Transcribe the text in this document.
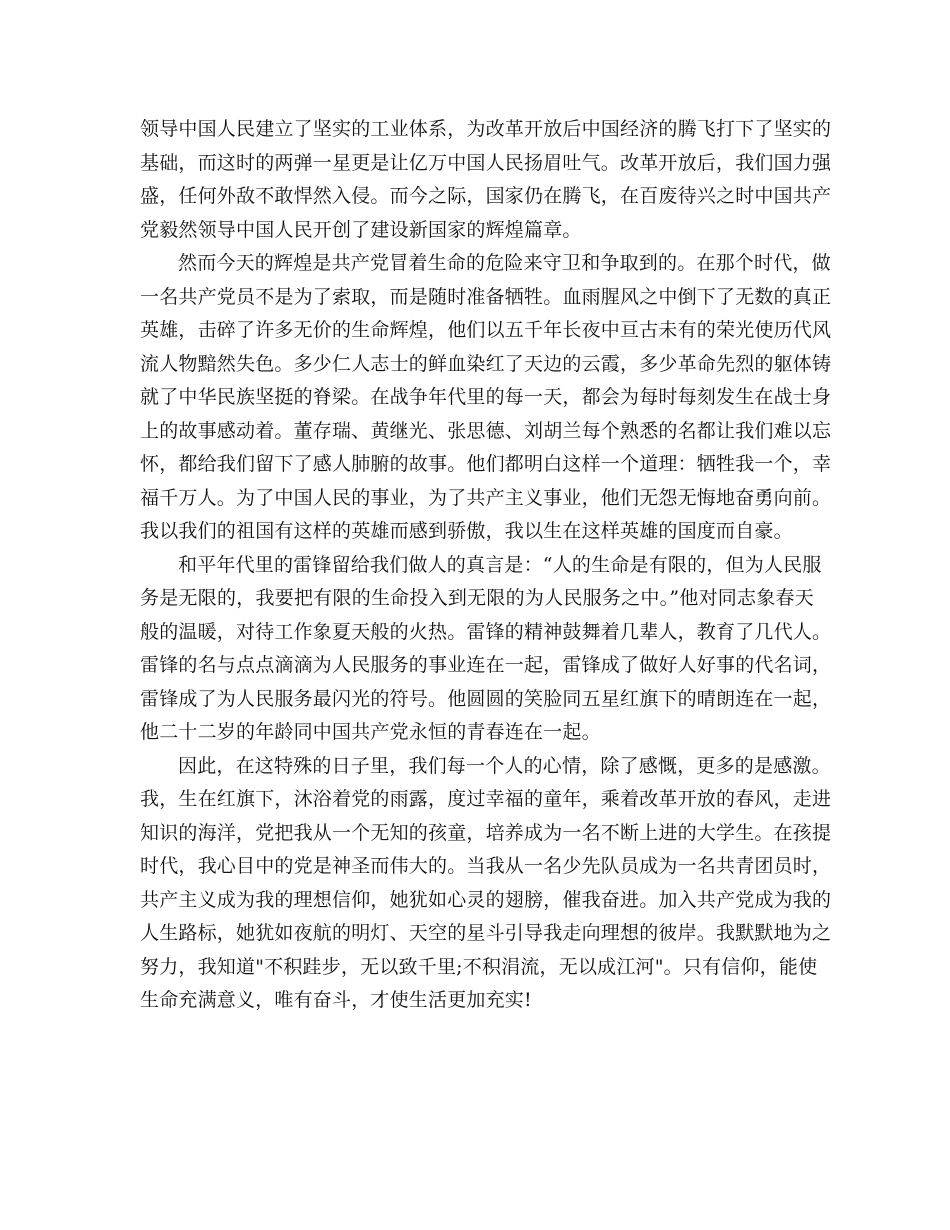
领导中国人民建立了坚实的工业体系，为改革开放后中国经济的腾飞打下了坚实的
基础，而这时的两弹一星更是让亿万中国人民扬眉吐气。改革开放后，我们国力强
盛，任何外敌不敢悍然入侵。而今之际，国家仍在腾飞，在百废待兴之时中国共产
党毅然领导中国人民开创了建设新国家的辉煌篇章。
然而今天的辉煌是共产党冒着生命的危险来守卫和争取到的。在那个时代，做
一名共产党员不是为了索取，而是随时准备牺牲。血雨腥风之中倒下了无数的真正
英雄，击碎了许多无价的生命辉煌，他们以五千年长夜中亘古未有的荣光使历代风
流人物黯然失色。多少仁人志士的鲜血染红了天边的云霞，多少革命先烈的躯体铸
就了中华民族坚挺的脊梁。在战争年代里的每一天，都会为每时每刻发生在战士身
上的故事感动着。董存瑞、黄继光、张思德、刘胡兰每个熟悉的名都让我们难以忘
怀，都给我们留下了感人肺腑的故事。他们都明白这样一个道理：牺牲我一个，幸
福千万人。为了中国人民的事业，为了共产主义事业，他们无怨无悔地奋勇向前。
我以我们的祖国有这样的英雄而感到骄傲，我以生在这样英雄的国度而自豪。
和平年代里的雷锋留给我们做人的真言是：“人的生命是有限的，但为人民服
务是无限的，我要把有限的生命投入到无限的为人民服务之中。”他对同志象春天
般的温暖，对待工作象夏天般的火热。雷锋的精神鼓舞着几辈人，教育了几代人。
雷锋的名与点点滴滴为人民服务的事业连在一起，雷锋成了做好人好事的代名词，
雷锋成了为人民服务最闪光的符号。他圆圆的笑脸同五星红旗下的晴朗连在一起，
他二十二岁的年龄同中国共产党永恒的青春连在一起。
因此，在这特殊的日子里，我们每一个人的心情，除了感慨，更多的是感激。
我，生在红旗下，沐浴着党的雨露，度过幸福的童年，乘着改革开放的春风，走进
知识的海洋，党把我从一个无知的孩童，培养成为一名不断上进的大学生。在孩提
时代，我心目中的党是神圣而伟大的。当我从一名少先队员成为一名共青团员时，
共产主义成为我的理想信仰，她犹如心灵的翅膀，催我奋进。加入共产党成为我的
人生路标，她犹如夜航的明灯、天空的星斗引导我走向理想的彼岸。我默默地为之
努力，我知道"不积跬步，无以致千里;不积涓流，无以成江河"。只有信仰，能使
生命充满意义，唯有奋斗，才使生活更加充实!
